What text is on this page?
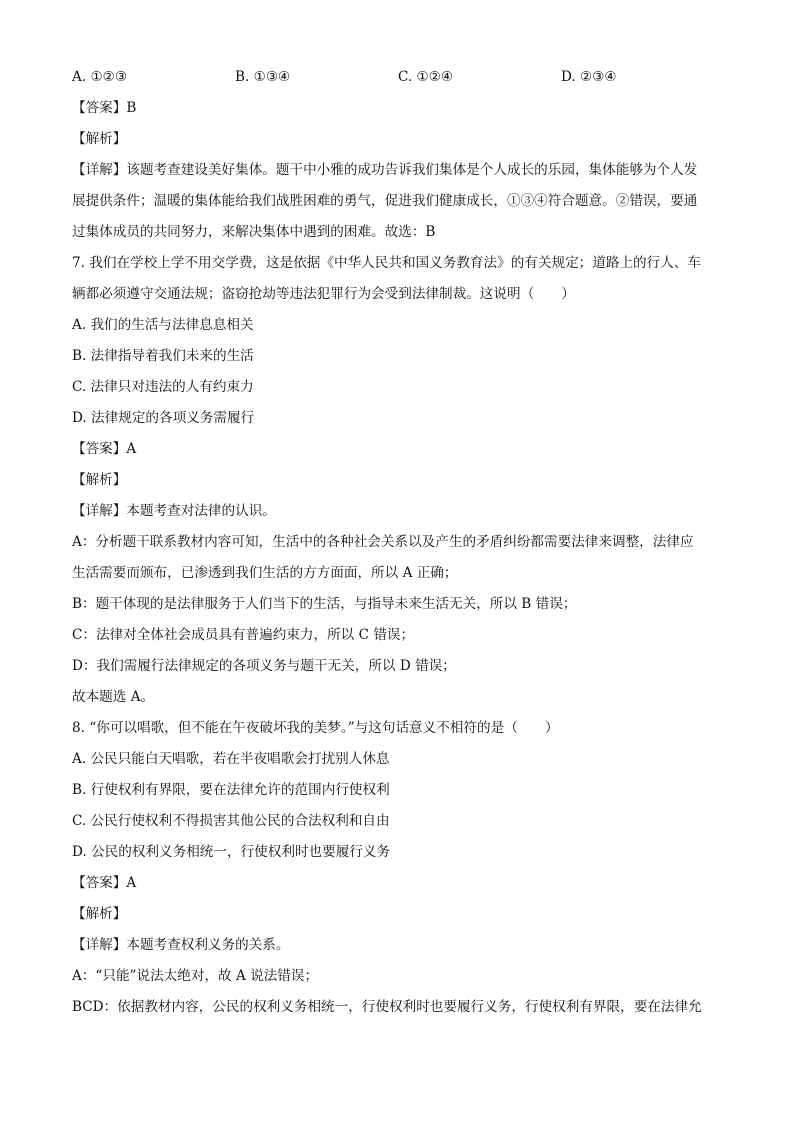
A. ①②③	B. ①③④	C. ①②④	D. ②③④
【答案】B
【解析】
【详解】该题考查建设美好集体。题干中小雅的成功告诉我们集体是个人成长的乐园，集体能够为个人发
展提供条件；温暖的集体能给我们战胜困难的勇气，促进我们健康成长，①③④符合题意。②错误，要通
过集体成员的共同努力，来解决集体中遇到的困难。故选：B
7. 我们在学校上学不用交学费，这是依据《中华人民共和国义务教育法》的有关规定；道路上的行人、车
辆都必须遵守交通法规；盗窃抢劫等违法犯罪行为会受到法律制裁。这说明（　　）
A. 我们的生活与法律息息相关
B. 法律指导着我们未来的生活
C. 法律只对违法的人有约束力
D. 法律规定的各项义务需履行
【答案】A
【解析】
【详解】本题考查对法律的认识。
A：分析题干联系教材内容可知，生活中的各种社会关系以及产生的矛盾纠纷都需要法律来调整，法律应
生活需要而颁布，已渗透到我们生活的方方面面，所以 A 正确；
B：题干体现的是法律服务于人们当下的生活，与指导未来生活无关，所以 B 错误；
C：法律对全体社会成员具有普遍约束力，所以 C 错误；
D：我们需履行法律规定的各项义务与题干无关，所以 D 错误；
故本题选 A。
8. “你可以唱歌，但不能在午夜破坏我的美梦。”与这句话意义不相符的是（　　）
A. 公民只能白天唱歌，若在半夜唱歌会打扰别人休息
B. 行使权利有界限，要在法律允许的范围内行使权利
C. 公民行使权利不得损害其他公民的合法权利和自由
D. 公民的权利义务相统一，行使权利时也要履行义务
【答案】A
【解析】
【详解】本题考查权利义务的关系。
A：“只能”说法太绝对，故 A 说法错误；
BCD：依据教材内容，公民的权利义务相统一，行使权利时也要履行义务，行使权利有界限，要在法律允
